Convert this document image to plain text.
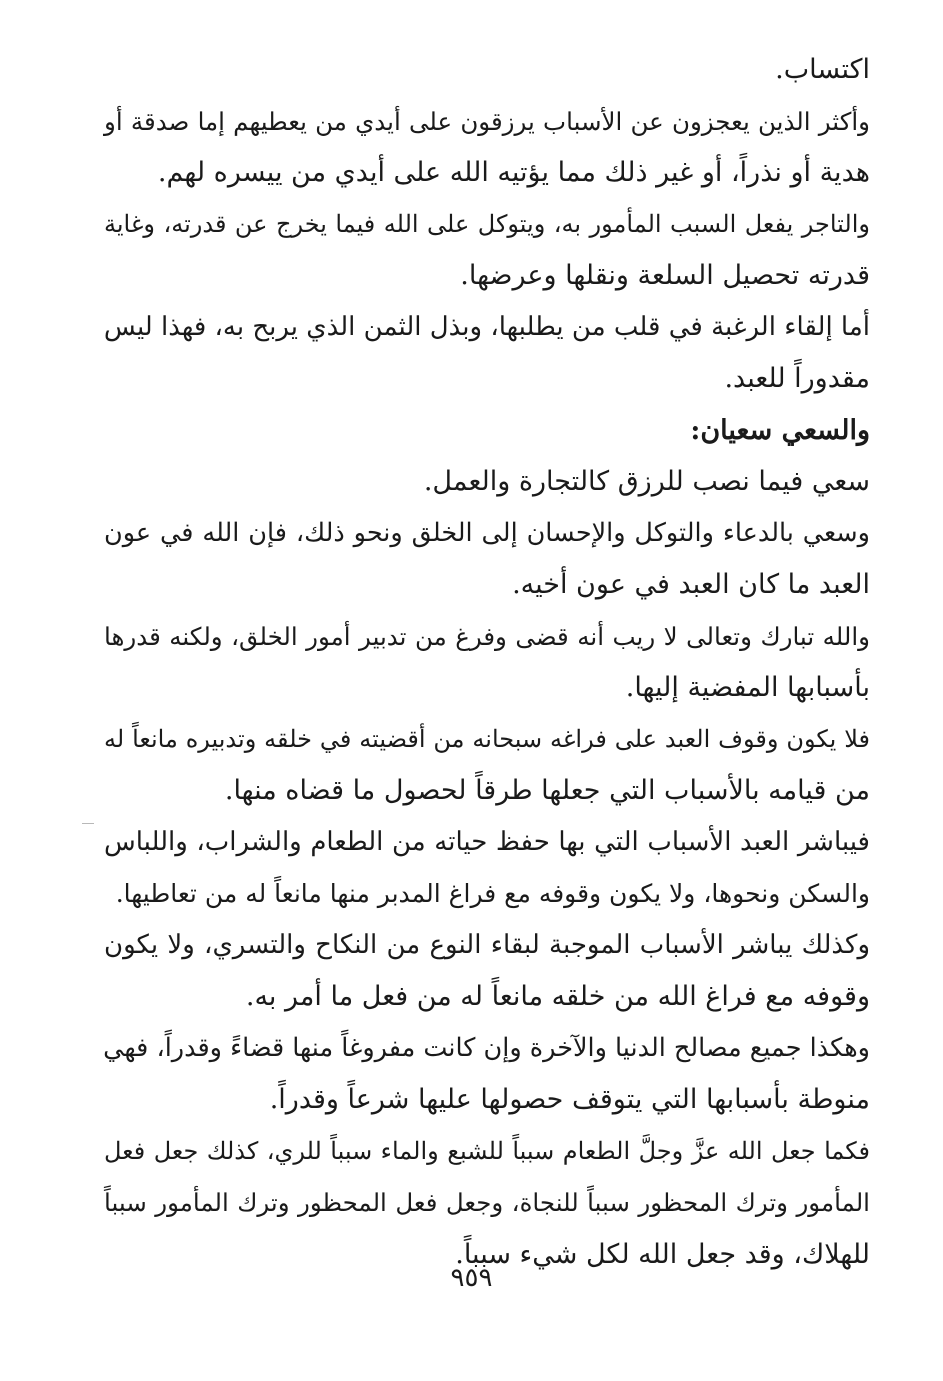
اكتساب.
وأكثر الذين يعجزون عن الأسباب يرزقون على أيدي من يعطيهم إما صدقة أو
هدية أو نذراً، أو غير ذلك مما يؤتيه الله على أيدي من ييسره لهم.
والتاجر يفعل السبب المأمور به، ويتوكل على الله فيما يخرج عن قدرته، وغاية
قدرته تحصيل السلعة ونقلها وعرضها.
أما إلقاء الرغبة في قلب من يطلبها، وبذل الثمن الذي يربح به، فهذا ليس
مقدوراً للعبد.
والسعي سعيان:
سعي فيما نصب للرزق كالتجارة والعمل.
وسعي بالدعاء والتوكل والإحسان إلى الخلق ونحو ذلك، فإن الله في عون
العبد ما كان العبد في عون أخيه.
والله تبارك وتعالى لا ريب أنه قضى وفرغ من تدبير أمور الخلق، ولكنه قدرها
بأسبابها المفضية إليها.
فلا يكون وقوف العبد على فراغه سبحانه من أقضيته في خلقه وتدبيره مانعاً له
من قيامه بالأسباب التي جعلها طرقاً لحصول ما قضاه منها.
فيباشر العبد الأسباب التي بها حفظ حياته من الطعام والشراب، واللباس
والسكن ونحوها، ولا يكون وقوفه مع فراغ المدبر منها مانعاً له من تعاطيها.
وكذلك يباشر الأسباب الموجبة لبقاء النوع من النكاح والتسري، ولا يكون
وقوفه مع فراغ الله من خلقه مانعاً له من فعل ما أمر به.
وهكذا جميع مصالح الدنيا والآخرة وإن كانت مفروغاً منها قضاءً وقدراً، فهي
منوطة بأسبابها التي يتوقف حصولها عليها شرعاً وقدراً.
فكما جعل الله عزَّ وجلَّ الطعام سبباً للشبع والماء سبباً للري، كذلك جعل فعل
المأمور وترك المحظور سبباً للنجاة، وجعل فعل المحظور وترك المأمور سبباً
للهلاك، وقد جعل الله لكل شيء سبباً.
٩٥٩
